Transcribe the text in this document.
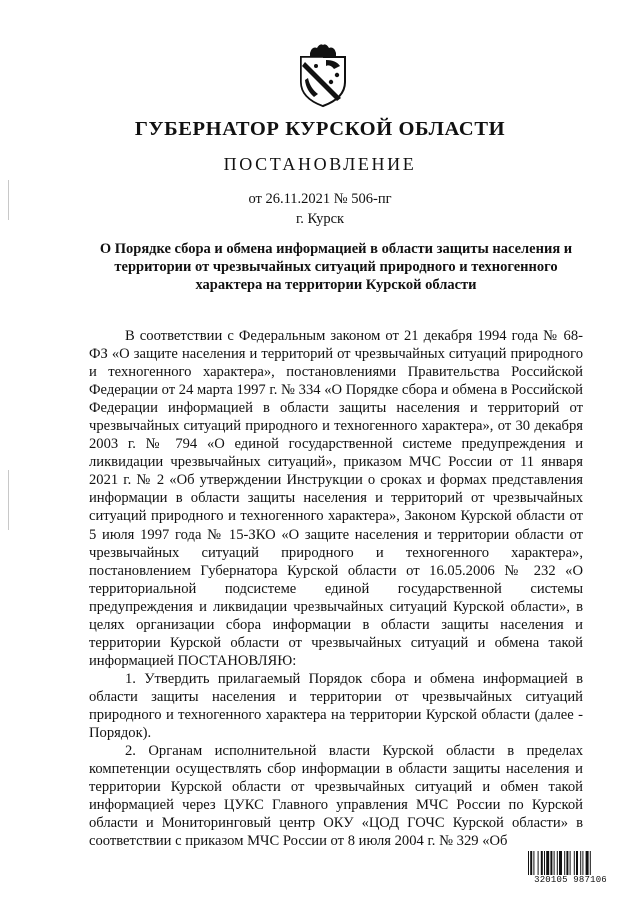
ГУБЕРНАТОР КУРСКОЙ ОБЛАСТИ
ПОСТАНОВЛЕНИЕ
от 26.11.2021 № 506-пг
г. Курск
О Порядке сбора и обмена информацией в области защиты населения и территории от чрезвычайных ситуаций природного и техногенного характера на территории Курской области

В соответствии с Федеральным законом от 21 декабря 1994 года № 68-ФЗ «О защите населения и территорий от чрезвычайных ситуаций природного и техногенного характера», постановлениями Правительства Российской Федерации от 24 марта 1997 г. № 334 «О Порядке сбора и обмена в Российской Федерации информацией в области защиты населения и территорий от чрезвычайных ситуаций природного и техногенного характера», от 30 декабря 2003 г. № 794 «О единой государственной системе предупреждения и ликвидации чрезвычайных ситуаций», приказом МЧС России от 11 января 2021 г. № 2 «Об утверждении Инструкции о сроках и формах представления информации в области защиты населения и территорий от чрезвычайных ситуаций природного и техногенного характера», Законом Курской области от 5 июля 1997 года № 15-ЗКО «О защите населения и территории области от чрезвычайных ситуаций природного и техногенного характера», постановлением Губернатора Курской области от 16.05.2006 № 232 «О территориальной подсистеме единой государственной системы предупреждения и ликвидации чрезвычайных ситуаций Курской области», в целях организации сбора информации в области защиты населения и территории Курской области от чрезвычайных ситуаций и обмена такой информацией ПОСТАНОВЛЯЮ:

1. Утвердить прилагаемый Порядок сбора и обмена информацией в области защиты населения и территории от чрезвычайных ситуаций природного и техногенного характера на территории Курской области (далее - Порядок).

2. Органам исполнительной власти Курской области в пределах компетенции осуществлять сбор информации в области защиты населения и территории Курской области от чрезвычайных ситуаций и обмен такой информацией через ЦУКС Главного управления МЧС России по Курской области и Мониторинговый центр ОКУ «ЦОД ГОЧС Курской области» в соответствии с приказом МЧС России от 8 июля 2004 г. № 329 «Об

320105 987106
